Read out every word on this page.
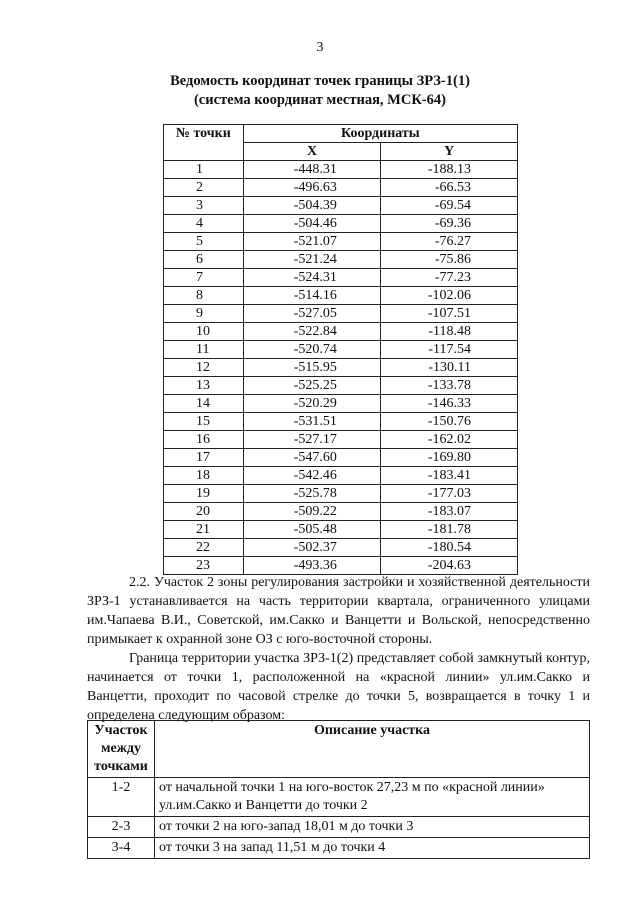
3
Ведомость координат точек границы ЗРЗ-1(1)
(система координат местная, МСК-64)
№ точки	Координаты	
	X	Y
1	-448.31	-188.13
2	-496.63	-66.53
3	-504.39	-69.54
4	-504.46	-69.36
5	-521.07	-76.27
6	-521.24	-75.86
7	-524.31	-77.23
8	-514.16	-102.06
9	-527.05	-107.51
10	-522.84	-118.48
11	-520.74	-117.54
12	-515.95	-130.11
13	-525.25	-133.78
14	-520.29	-146.33
15	-531.51	-150.76
16	-527.17	-162.02
17	-547.60	-169.80
18	-542.46	-183.41
19	-525.78	-177.03
20	-509.22	-183.07
21	-505.48	-181.78
22	-502.37	-180.54
23	-493.36	-204.63

2.2. Участок 2 зоны регулирования застройки и хозяйственной деятельности ЗРЗ-1 устанавливается на часть территории квартала, ограниченного улицами им.Чапаева В.И., Советской, им.Сакко и Ванцетти и Вольской, непосредственно примыкает к охранной зоне ОЗ с юго-восточной стороны.

Граница территории участка ЗРЗ-1(2) представляет собой замкнутый контур, начинается от точки 1, расположенной на «красной линии» ул.им.Сакко и Ванцетти, проходит по часовой стрелке до точки 5, возвращается в точку 1 и определена следующим образом:

Участок
между
точками	Описание участка
1-2	от начальной точки 1 на юго-восток 27,23 м по «красной линии» ул.им.Сакко и Ванцетти до точки 2
2-3	от точки 2 на юго-запад 18,01 м до точки 3
3-4	от точки 3 на запад 11,51 м до точки 4
